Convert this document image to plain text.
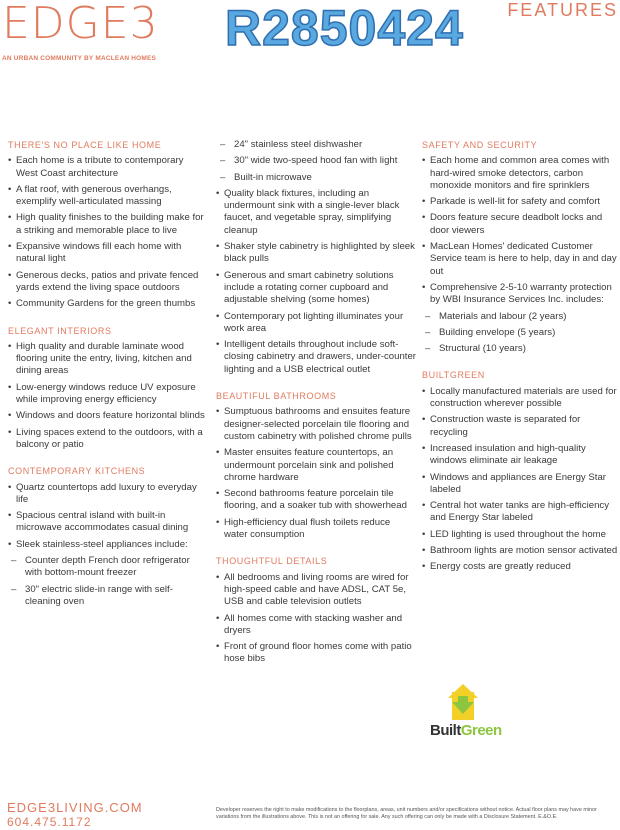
EDGE3
AN URBAN COMMUNITY BY MACLEAN HOMES
R2850424 FEATURES
THERE'S NO PLACE LIKE HOME
• Each home is a tribute to contemporary West Coast architecture
• A flat roof, with generous overhangs, exemplify well-articulated massing
• High quality finishes to the building make for a striking and memorable place to live
• Expansive windows fill each home with natural light
• Generous decks, patios and private fenced yards extend the living space outdoors
• Community Gardens for the green thumbs
ELEGANT INTERIORS
• High quality and durable laminate wood flooring unite the entry, living, kitchen and dining areas
• Low-energy windows reduce UV exposure while improving energy efficiency
• Windows and doors feature horizontal blinds
• Living spaces extend to the outdoors, with a balcony or patio
CONTEMPORARY KITCHENS
• Quartz countertops add luxury to everyday life
• Spacious central island with built-in microwave accommodates casual dining
• Sleek stainless-steel appliances include:
– Counter depth French door refrigerator with bottom-mount freezer
– 30" electric slide-in range with self-cleaning oven
– 24" stainless steel dishwasher
– 30" wide two-speed hood fan with light
– Built-in microwave
• Quality black fixtures, including an undermount sink with a single-lever black faucet, and vegetable spray, simplifying cleanup
• Shaker style cabinetry is highlighted by sleek black pulls
• Generous and smart cabinetry solutions include a rotating corner cupboard and adjustable shelving (some homes)
• Contemporary pot lighting illuminates your work area
• Intelligent details throughout include soft-closing cabinetry and drawers, under-counter lighting and a USB electrical outlet
BEAUTIFUL BATHROOMS
• Sumptuous bathrooms and ensuites feature designer-selected porcelain tile flooring and custom cabinetry with polished chrome pulls
• Master ensuites feature countertops, an undermount porcelain sink and polished chrome hardware
• Second bathrooms feature porcelain tile flooring, and a soaker tub with showerhead
• High-efficiency dual flush toilets reduce water consumption
THOUGHTFUL DETAILS
• All bedrooms and living rooms are wired for high-speed cable and have ADSL, CAT 5e, USB and cable television outlets
• All homes come with stacking washer and dryers
• Front of ground floor homes come with patio hose bibs
SAFETY AND SECURITY
• Each home and common area comes with hard-wired smoke detectors, carbon monoxide monitors and fire sprinklers
• Parkade is well-lit for safety and comfort
• Doors feature secure deadbolt locks and door viewers
• MacLean Homes' dedicated Customer Service team is here to help, day in and day out
• Comprehensive 2-5-10 warranty protection by WBI Insurance Services Inc. includes:
– Materials and labour (2 years)
– Building envelope (5 years)
– Structural (10 years)
BUILTGREEN
• Locally manufactured materials are used for construction wherever possible
• Construction waste is separated for recycling
• Increased insulation and high-quality windows eliminate air leakage
• Windows and appliances are Energy Star labeled
• Central hot water tanks are high-efficiency and Energy Star labeled
• LED lighting is used throughout the home
• Bathroom lights are motion sensor activated
• Energy costs are greatly reduced
BuiltGreen
EDGE3LIVING.COM
604.475.1172
Developer reserves the right to make modifications to the floorplans, areas, unit numbers and/or specifications without notice. Actual floor plans may have minor variations from the illustrations above. This is not an offering for sale. Any such offering can only be made with a Disclosure Statement. E.&O.E.
